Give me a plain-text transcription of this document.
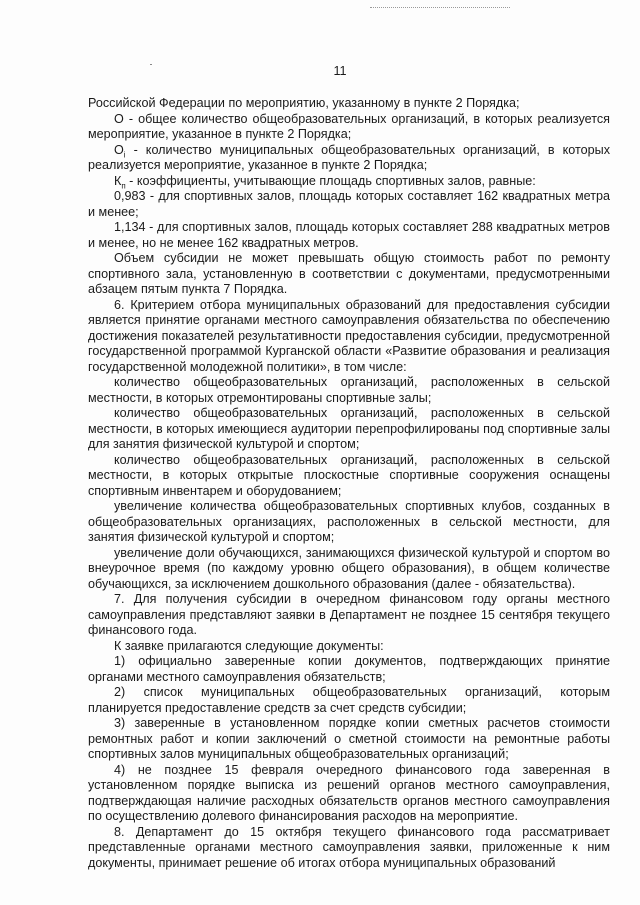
11

Российской Федерации по мероприятию, указанному в пункте 2 Порядка;

О - общее количество общеобразовательных организаций, в которых реализуется мероприятие, указанное в пункте 2 Порядка;

$О_i$ - количество муниципальных общеобразовательных организаций, в которых реализуется мероприятие, указанное в пункте 2 Порядка;

$К_п$ - коэффициенты, учитывающие площадь спортивных залов, равные:

0,983 - для спортивных залов, площадь которых составляет 162 квадратных метра и менее;

1,134 - для спортивных залов, площадь которых составляет 288 квадратных метров и менее, но не менее 162 квадратных метров.

Объем субсидии не может превышать общую стоимость работ по ремонту спортивного зала, установленную в соответствии с документами, предусмотренными абзацем пятым пункта 7 Порядка.

6. Критерием отбора муниципальных образований для предоставления субсидии является принятие органами местного самоуправления обязательства по обеспечению достижения показателей результативности предоставления субсидии, предусмотренной государственной программой Курганской области «Развитие образования и реализация государственной молодежной политики», в том числе:

количество общеобразовательных организаций, расположенных в сельской местности, в которых отремонтированы спортивные залы;

количество общеобразовательных организаций, расположенных в сельской местности, в которых имеющиеся аудитории перепрофилированы под спортивные залы для занятия физической культурой и спортом;

количество общеобразовательных организаций, расположенных в сельской местности, в которых открытые плоскостные спортивные сооружения оснащены спортивным инвентарем и оборудованием;

увеличение количества общеобразовательных спортивных клубов, созданных в общеобразовательных организациях, расположенных в сельской местности, для занятия физической культурой и спортом;

увеличение доли обучающихся, занимающихся физической культурой и спортом во внеурочное время (по каждому уровню общего образования), в общем количестве обучающихся, за исключением дошкольного образования (далее - обязательства).

7. Для получения субсидии в очередном финансовом году органы местного самоуправления представляют заявки в Департамент не позднее 15 сентября текущего финансового года.

К заявке прилагаются следующие документы:

1) официально заверенные копии документов, подтверждающих принятие органами местного самоуправления обязательств;

2) список муниципальных общеобразовательных организаций, которым планируется предоставление средств за счет средств субсидии;

3) заверенные в установленном порядке копии сметных расчетов стоимости ремонтных работ и копии заключений о сметной стоимости на ремонтные работы спортивных залов муниципальных общеобразовательных организаций;

4) не позднее 15 февраля очередного финансового года заверенная в установленном порядке выписка из решений органов местного самоуправления, подтверждающая наличие расходных обязательств органов местного самоуправления по осуществлению долевого финансирования расходов на мероприятие.

8. Департамент до 15 октября текущего финансового года рассматривает представленные органами местного самоуправления заявки, приложенные к ним документы, принимает решение об итогах отбора муниципальных образований
